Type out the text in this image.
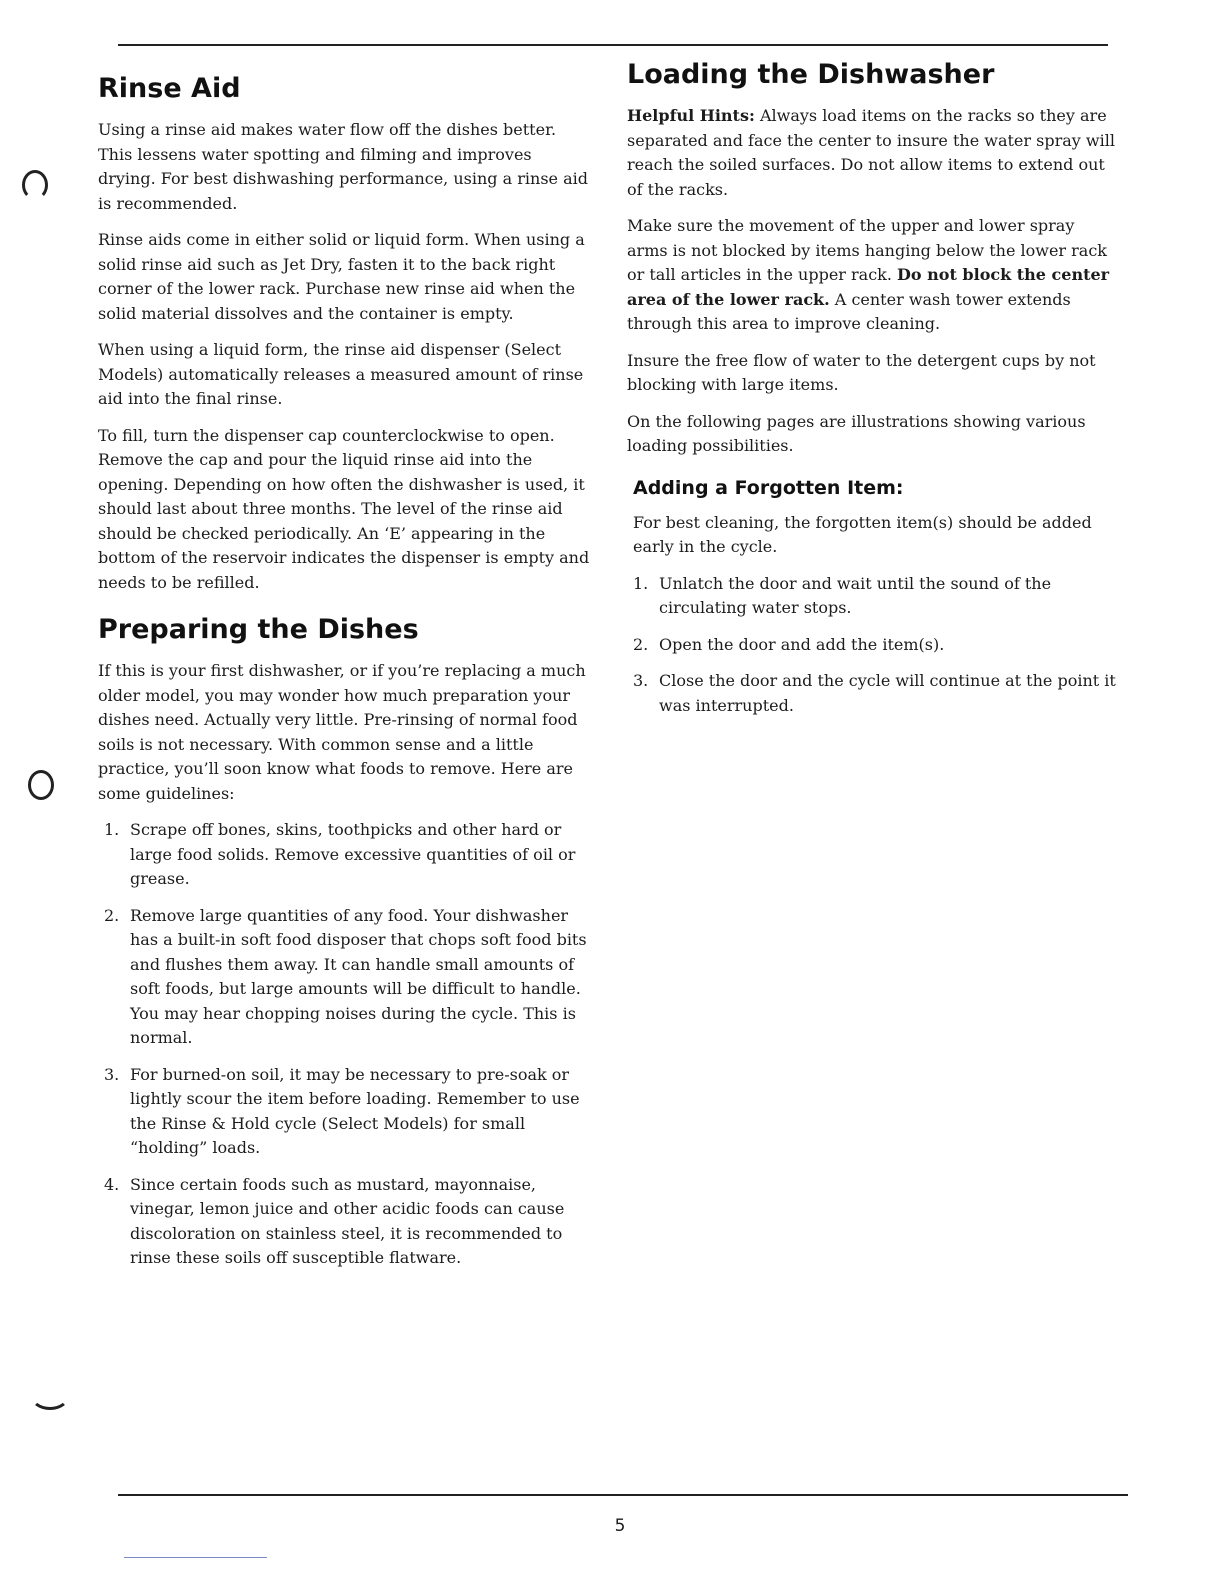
Rinse Aid

Using a rinse aid makes water flow off the dishes better. This lessens water spotting and filming and improves drying. For best dishwashing performance, using a rinse aid is recommended.

Rinse aids come in either solid or liquid form. When using a solid rinse aid such as Jet Dry, fasten it to the back right corner of the lower rack. Purchase new rinse aid when the solid material dissolves and the container is empty.

When using a liquid form, the rinse aid dispenser (Select Models) automatically releases a measured amount of rinse aid into the final rinse.

To fill, turn the dispenser cap counterclockwise to open. Remove the cap and pour the liquid rinse aid into the opening. Depending on how often the dishwasher is used, it should last about three months. The level of the rinse aid should be checked periodically. An ‘E’ appearing in the bottom of the reservoir indicates the dispenser is empty and needs to be refilled.

Preparing the Dishes

If this is your first dishwasher, or if you’re replacing a much older model, you may wonder how much preparation your dishes need. Actually very little. Pre-rinsing of normal food soils is not necessary. With common sense and a little practice, you’ll soon know what foods to remove. Here are some guidelines:

1. Scrape off bones, skins, toothpicks and other hard or large food solids. Remove excessive quantities of oil or grease.
2. Remove large quantities of any food. Your dishwasher has a built-in soft food disposer that chops soft food bits and flushes them away. It can handle small amounts of soft foods, but large amounts will be difficult to handle. You may hear chopping noises during the cycle. This is normal.
3. For burned-on soil, it may be necessary to pre-soak or lightly scour the item before loading. Remember to use the Rinse & Hold cycle (Select Models) for small “holding” loads.
4. Since certain foods such as mustard, mayonnaise, vinegar, lemon juice and other acidic foods can cause discoloration on stainless steel, it is recommended to rinse these soils off susceptible flatware.
Loading the Dishwasher

Helpful Hints: Always load items on the racks so they are separated and face the center to insure the water spray will reach the soiled surfaces. Do not allow items to extend out of the racks.

Make sure the movement of the upper and lower spray arms is not blocked by items hanging below the lower rack or tall articles in the upper rack. Do not block the center area of the lower rack. A center wash tower extends through this area to improve cleaning.

Insure the free flow of water to the detergent cups by not blocking with large items.

On the following pages are illustrations showing various loading possibilities.

Adding a Forgotten Item:

For best cleaning, the forgotten item(s) should be added early in the cycle.

1. Unlatch the door and wait until the sound of the circulating water stops.
2. Open the door and add the item(s).
3. Close the door and the cycle will continue at the point it was interrupted.
5
